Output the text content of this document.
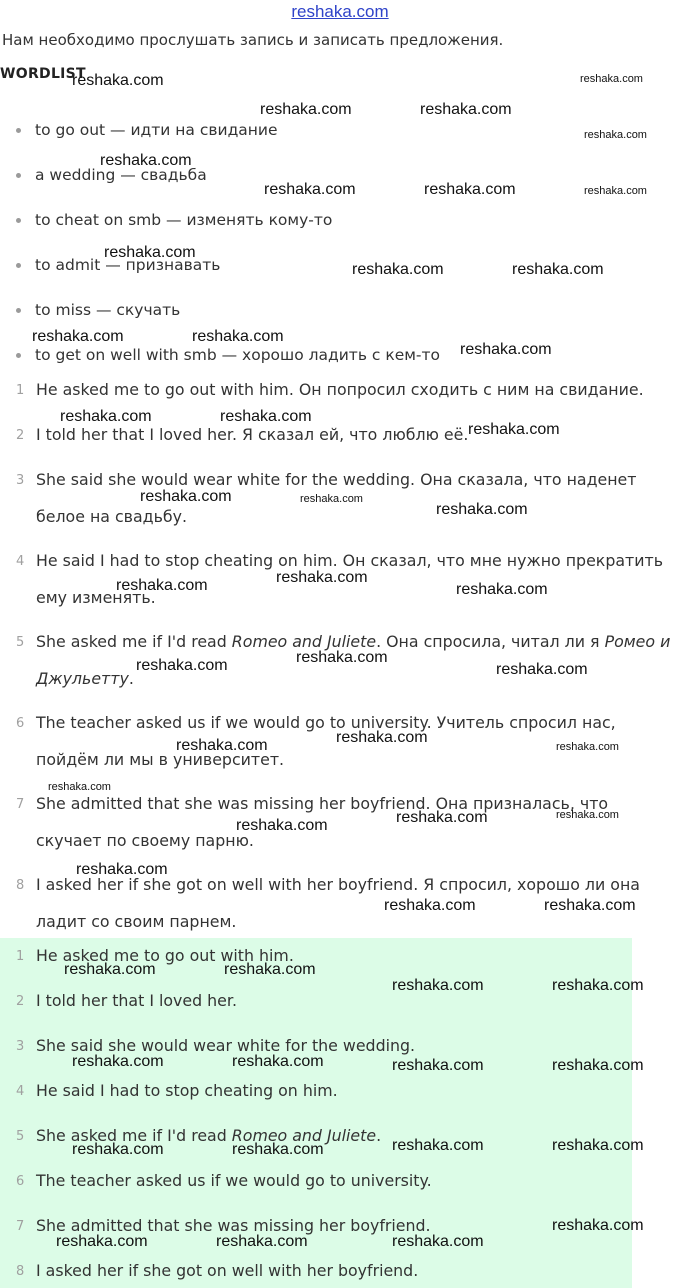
reshaka.com
Нам необходимо прослушать запись и записать предложения.
WORDLIST
to go out — идти на свидание
a wedding — свадьба
to cheat on smb — изменять кому-то
to admit — признавать
to miss — скучать
to get on well with smb — хорошо ладить с кем-то
1 He asked me to go out with him. Он попросил сходить с ним на свидание.
2 I told her that I loved her. Я сказал ей, что люблю её.
3 She said she would wear white for the wedding. Она сказала, что наденет белое на свадьбу.
4 He said I had to stop cheating on him. Он сказал, что мне нужно прекратить ему изменять.
5 She asked me if I'd read Romeo and Juliete. Она спросила, читал ли я Ромео и Джульетту.
6 The teacher asked us if we would go to university. Учитель спросил нас, пойдём ли мы в университет.
7 She admitted that she was missing her boyfriend. Она призналась, что скучает по своему парню.
8 I asked her if she got on well with her boyfriend. Я спросил, хорошо ли она ладит со своим парнем.
1 He asked me to go out with him.
2 I told her that I loved her.
3 She said she would wear white for the wedding.
4 He said I had to stop cheating on him.
5 She asked me if I'd read Romeo and Juliete.
6 The teacher asked us if we would go to university.
7 She admitted that she was missing her boyfriend.
8 I asked her if she got on well with her boyfriend.
reshaka.com	reshaka.com
reshaka.com	reshaka.com
reshaka.com
reshaka.com
reshaka.com	reshaka.com	reshaka.com
reshaka.com
reshaka.com	reshaka.com
reshaka.com	reshaka.com
reshaka.com
reshaka.com	reshaka.com
reshaka.com
reshaka.com	reshaka.com
reshaka.com
reshaka.com
reshaka.com	reshaka.com
reshaka.com
reshaka.com	reshaka.com
reshaka.com
reshaka.com	reshaka.com
reshaka.com
reshaka.com	reshaka.com
reshaka.com
reshaka.com
reshaka.com	reshaka.com
reshaka.com	reshaka.com
reshaka.com	reshaka.com
reshaka.com	reshaka.com	reshaka.com	reshaka.com
reshaka.com	reshaka.com	reshaka.com	reshaka.com
reshaka.com
reshaka.com	reshaka.com	reshaka.com
